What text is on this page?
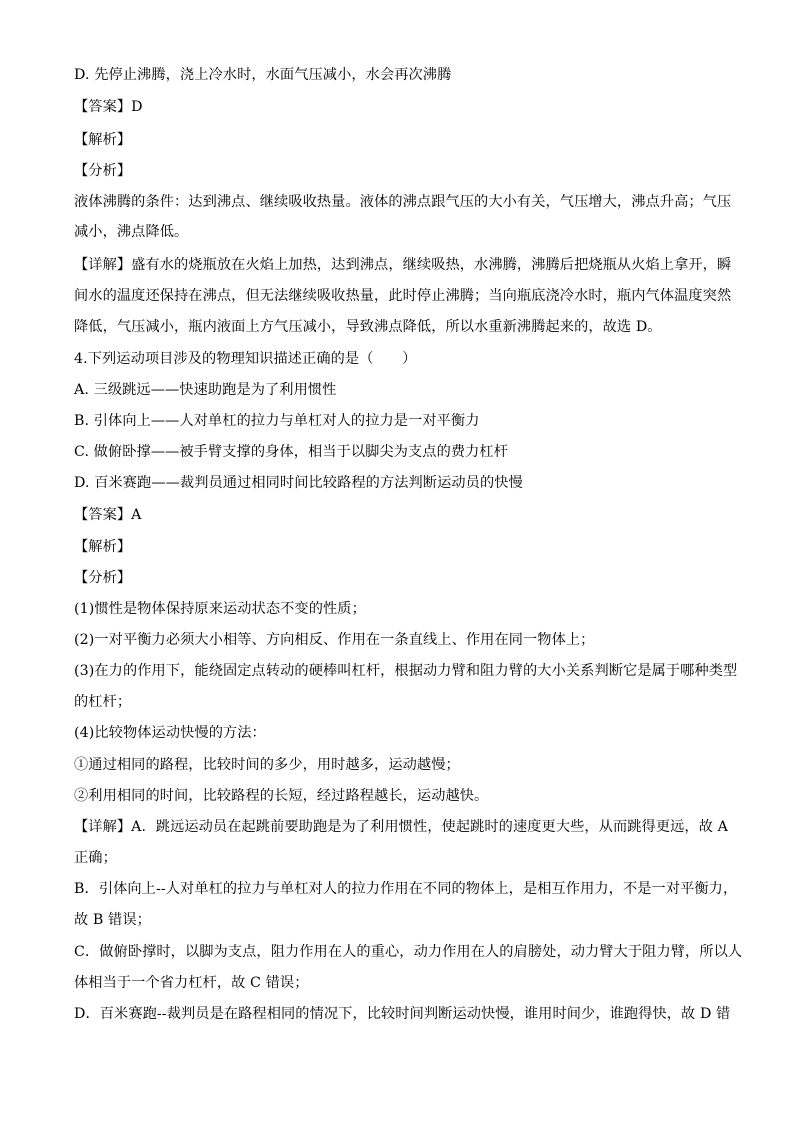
D. 先停止沸腾，浇上冷水时，水面气压减小，水会再次沸腾
【答案】D
【解析】
【分析】
液体沸腾的条件：达到沸点、继续吸收热量。液体的沸点跟气压的大小有关，气压增大，沸点升高；气压
减小，沸点降低。
【详解】盛有水的烧瓶放在火焰上加热，达到沸点，继续吸热，水沸腾，沸腾后把烧瓶从火焰上拿开，瞬
间水的温度还保持在沸点，但无法继续吸收热量，此时停止沸腾；当向瓶底浇冷水时，瓶内气体温度突然
降低，气压减小，瓶内液面上方气压减小，导致沸点降低，所以水重新沸腾起来的，故选 D。
4.下列运动项目涉及的物理知识描述正确的是（　　）
A. 三级跳远——快速助跑是为了利用惯性
B. 引体向上——人对单杠的拉力与单杠对人的拉力是一对平衡力
C. 做俯卧撑——被手臂支撑的身体，相当于以脚尖为支点的费力杠杆
D. 百米赛跑——裁判员通过相同时间比较路程的方法判断运动员的快慢
【答案】A
【解析】
【分析】
(1)惯性是物体保持原来运动状态不变的性质；
(2)一对平衡力必须大小相等、方向相反、作用在一条直线上、作用在同一物体上；
(3)在力的作用下，能绕固定点转动的硬棒叫杠杆，根据动力臂和阻力臂的大小关系判断它是属于哪种类型
的杠杆；
(4)比较物体运动快慢的方法：
①通过相同的路程，比较时间的多少，用时越多，运动越慢；
②利用相同的时间，比较路程的长短，经过路程越长，运动越快。
【详解】A．跳远运动员在起跳前要助跑是为了利用惯性，使起跳时的速度更大些，从而跳得更远，故 A
正确；
B．引体向上--人对单杠的拉力与单杠对人的拉力作用在不同的物体上，是相互作用力，不是一对平衡力，
故 B 错误；
C．做俯卧撑时，以脚为支点，阻力作用在人的重心，动力作用在人的肩膀处，动力臂大于阻力臂，所以人
体相当于一个省力杠杆，故 C 错误；
D．百米赛跑--裁判员是在路程相同的情况下，比较时间判断运动快慢，谁用时间少，谁跑得快，故 D 错
